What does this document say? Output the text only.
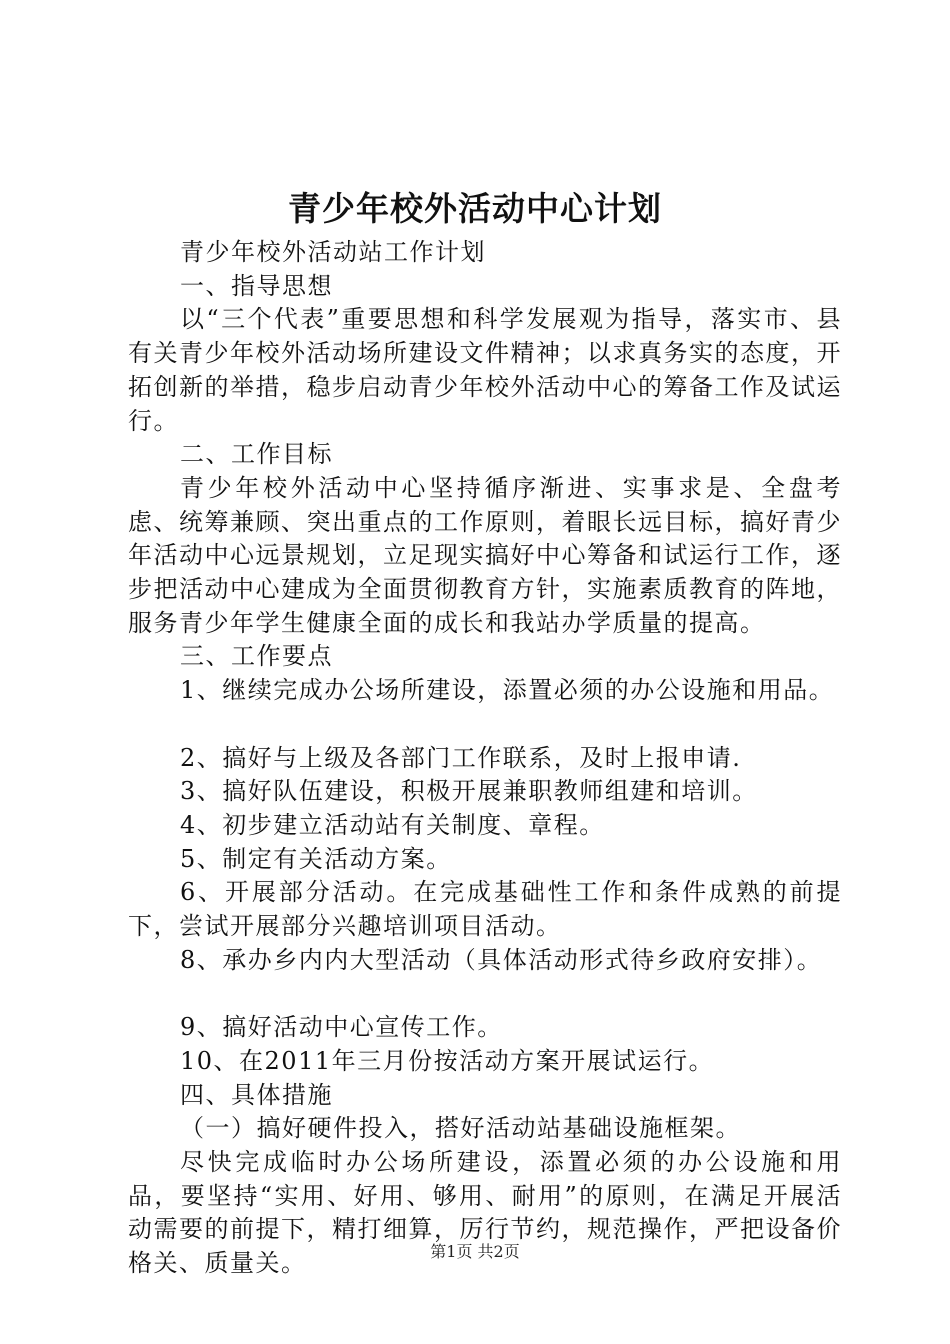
青少年校外活动中心计划

青少年校外活动站工作计划

一、指导思想

以“三个代表”重要思想和科学发展观为指导，落实市、县有关青少年校外活动场所建设文件精神；以求真务实的态度，开拓创新的举措，稳步启动青少年校外活动中心的筹备工作及试运行。

二、工作目标

青少年校外活动中心坚持循序渐进、实事求是、全盘考虑、统筹兼顾、突出重点的工作原则，着眼长远目标，搞好青少年活动中心远景规划，立足现实搞好中心筹备和试运行工作，逐步把活动中心建成为全面贯彻教育方针，实施素质教育的阵地，服务青少年学生健康全面的成长和我站办学质量的提高。

三、工作要点

1、继续完成办公场所建设，添置必须的办公设施和用品。

2、搞好与上级及各部门工作联系，及时上报申请.

3、搞好队伍建设，积极开展兼职教师组建和培训。

4、初步建立活动站有关制度、章程。

5、制定有关活动方案。

6、开展部分活动。在完成基础性工作和条件成熟的前提下，尝试开展部分兴趣培训项目活动。

8、承办乡内内大型活动（具体活动形式待乡政府安排）。

9、搞好活动中心宣传工作。

10、在2011年三月份按活动方案开展试运行。

四、具体措施

（一）搞好硬件投入，搭好活动站基础设施框架。

尽快完成临时办公场所建设，添置必须的办公设施和用品，要坚持“实用、好用、够用、耐用”的原则，在满足开展活动需要的前提下，精打细算，厉行节约，规范操作，严把设备价格关、质量关。	第1页 共2页
